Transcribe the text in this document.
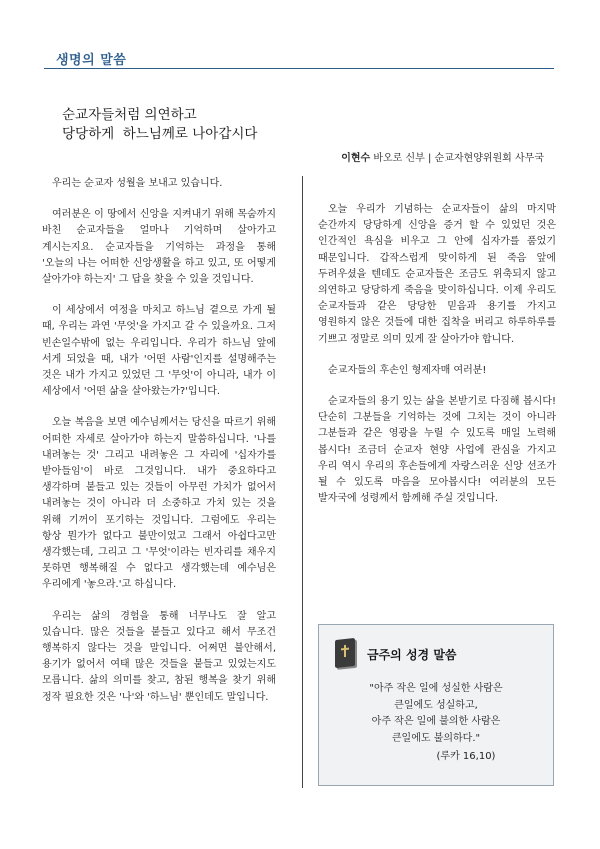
생명의 말씀
순교자들처럼 의연하고
당당하게  하느님께로 나아갑시다
이현수 바오로 신부 | 순교자현양위원회 사무국

우리는 순교자 성월을 보내고 있습니다.

여러분은 이 땅에서 신앙을 지켜내기 위해 목숨까지 바친 순교자들을 얼마나 기억하며 살아가고 계시는지요. 순교자들을 기억하는 과정을 통해 '오늘의 나는 어떠한 신앙생활을 하고 있고, 또 어떻게 살아가야 하는지' 그 답을 찾을 수 있을 것입니다.

이 세상에서 여정을 마치고 하느님 곁으로 가게 될 때, 우리는 과연 '무엇'을 가지고 갈 수 있을까요. 그저 빈손일수밖에 없는 우리입니다. 우리가 하느님 앞에 서게 되었을 때, 내가 '어떤 사람'인지를 설명해주는 것은 내가 가지고 있었던 그 '무엇'이 아니라, 내가 이 세상에서 '어떤 삶을 살아왔는가?'입니다.

오늘 복음을 보면 예수님께서는 당신을 따르기 위해 어떠한 자세로 살아가야 하는지 말씀하십니다. '나를 내려놓는 것' 그리고 내려놓은 그 자리에 '십자가를 받아들임'이 바로 그것입니다. 내가 중요하다고 생각하며 붙들고 있는 것들이 아무런 가치가 없어서 내려놓는 것이 아니라 더 소중하고 가치 있는 것을 위해 기꺼이 포기하는 것입니다. 그럼에도 우리는 항상 뭔가가 없다고 불만이었고 그래서 아쉽다고만 생각했는데, 그리고 그 '무엇'이라는 빈자리를 채우지 못하면 행복해질 수 없다고 생각했는데 예수님은 우리에게 '놓으라.'고 하십니다.

우리는 삶의 경험을 통해 너무나도 잘 알고 있습니다. 많은 것들을 붙들고 있다고 해서 무조건 행복하지 않다는 것을 말입니다. 어쩌면 불안해서, 용기가 없어서 여태 많은 것들을 붙들고 있었는지도 모릅니다. 삶의 의미를 찾고, 참된 행복을 찾기 위해 정작 필요한 것은 '나'와 '하느님' 뿐인데도 말입니다.

오늘 우리가 기념하는 순교자들이 삶의 마지막 순간까지 당당하게 신앙을 증거 할 수 있었던 것은 인간적인 욕심을 비우고 그 안에 십자가를 품었기 때문입니다. 갑작스럽게 맞이하게 된 죽음 앞에 두려우셨을 텐데도 순교자들은 조금도 위축되지 않고 의연하고 당당하게 죽음을 맞이하십니다. 이제 우리도 순교자들과 같은 당당한 믿음과 용기를 가지고 영원하지 않은 것들에 대한 집착을 버리고 하루하루를 기쁘고 정말로 의미 있게 잘 살아가야 합니다.

순교자들의 후손인 형제자매 여러분!

순교자들의 용기 있는 삶을 본받기로 다짐해 봅시다! 단순히 그분들을 기억하는 것에 그치는 것이 아니라 그분들과 같은 영광을 누릴 수 있도록 매일 노력해 봅시다! 조금더 순교자 현양 사업에 관심을 가지고 우리 역시 우리의 후손들에게 자랑스러운 신앙 선조가 될 수 있도록 마음을 모아봅시다! 여러분의 모든 발자국에 성령께서 함께해 주실 것입니다.

금주의 성경 말씀
"아주 작은 일에 성실한 사람은
큰일에도 성실하고,
아주 작은 일에 불의한 사람은
큰일에도 불의하다."
(루카 16,10)
